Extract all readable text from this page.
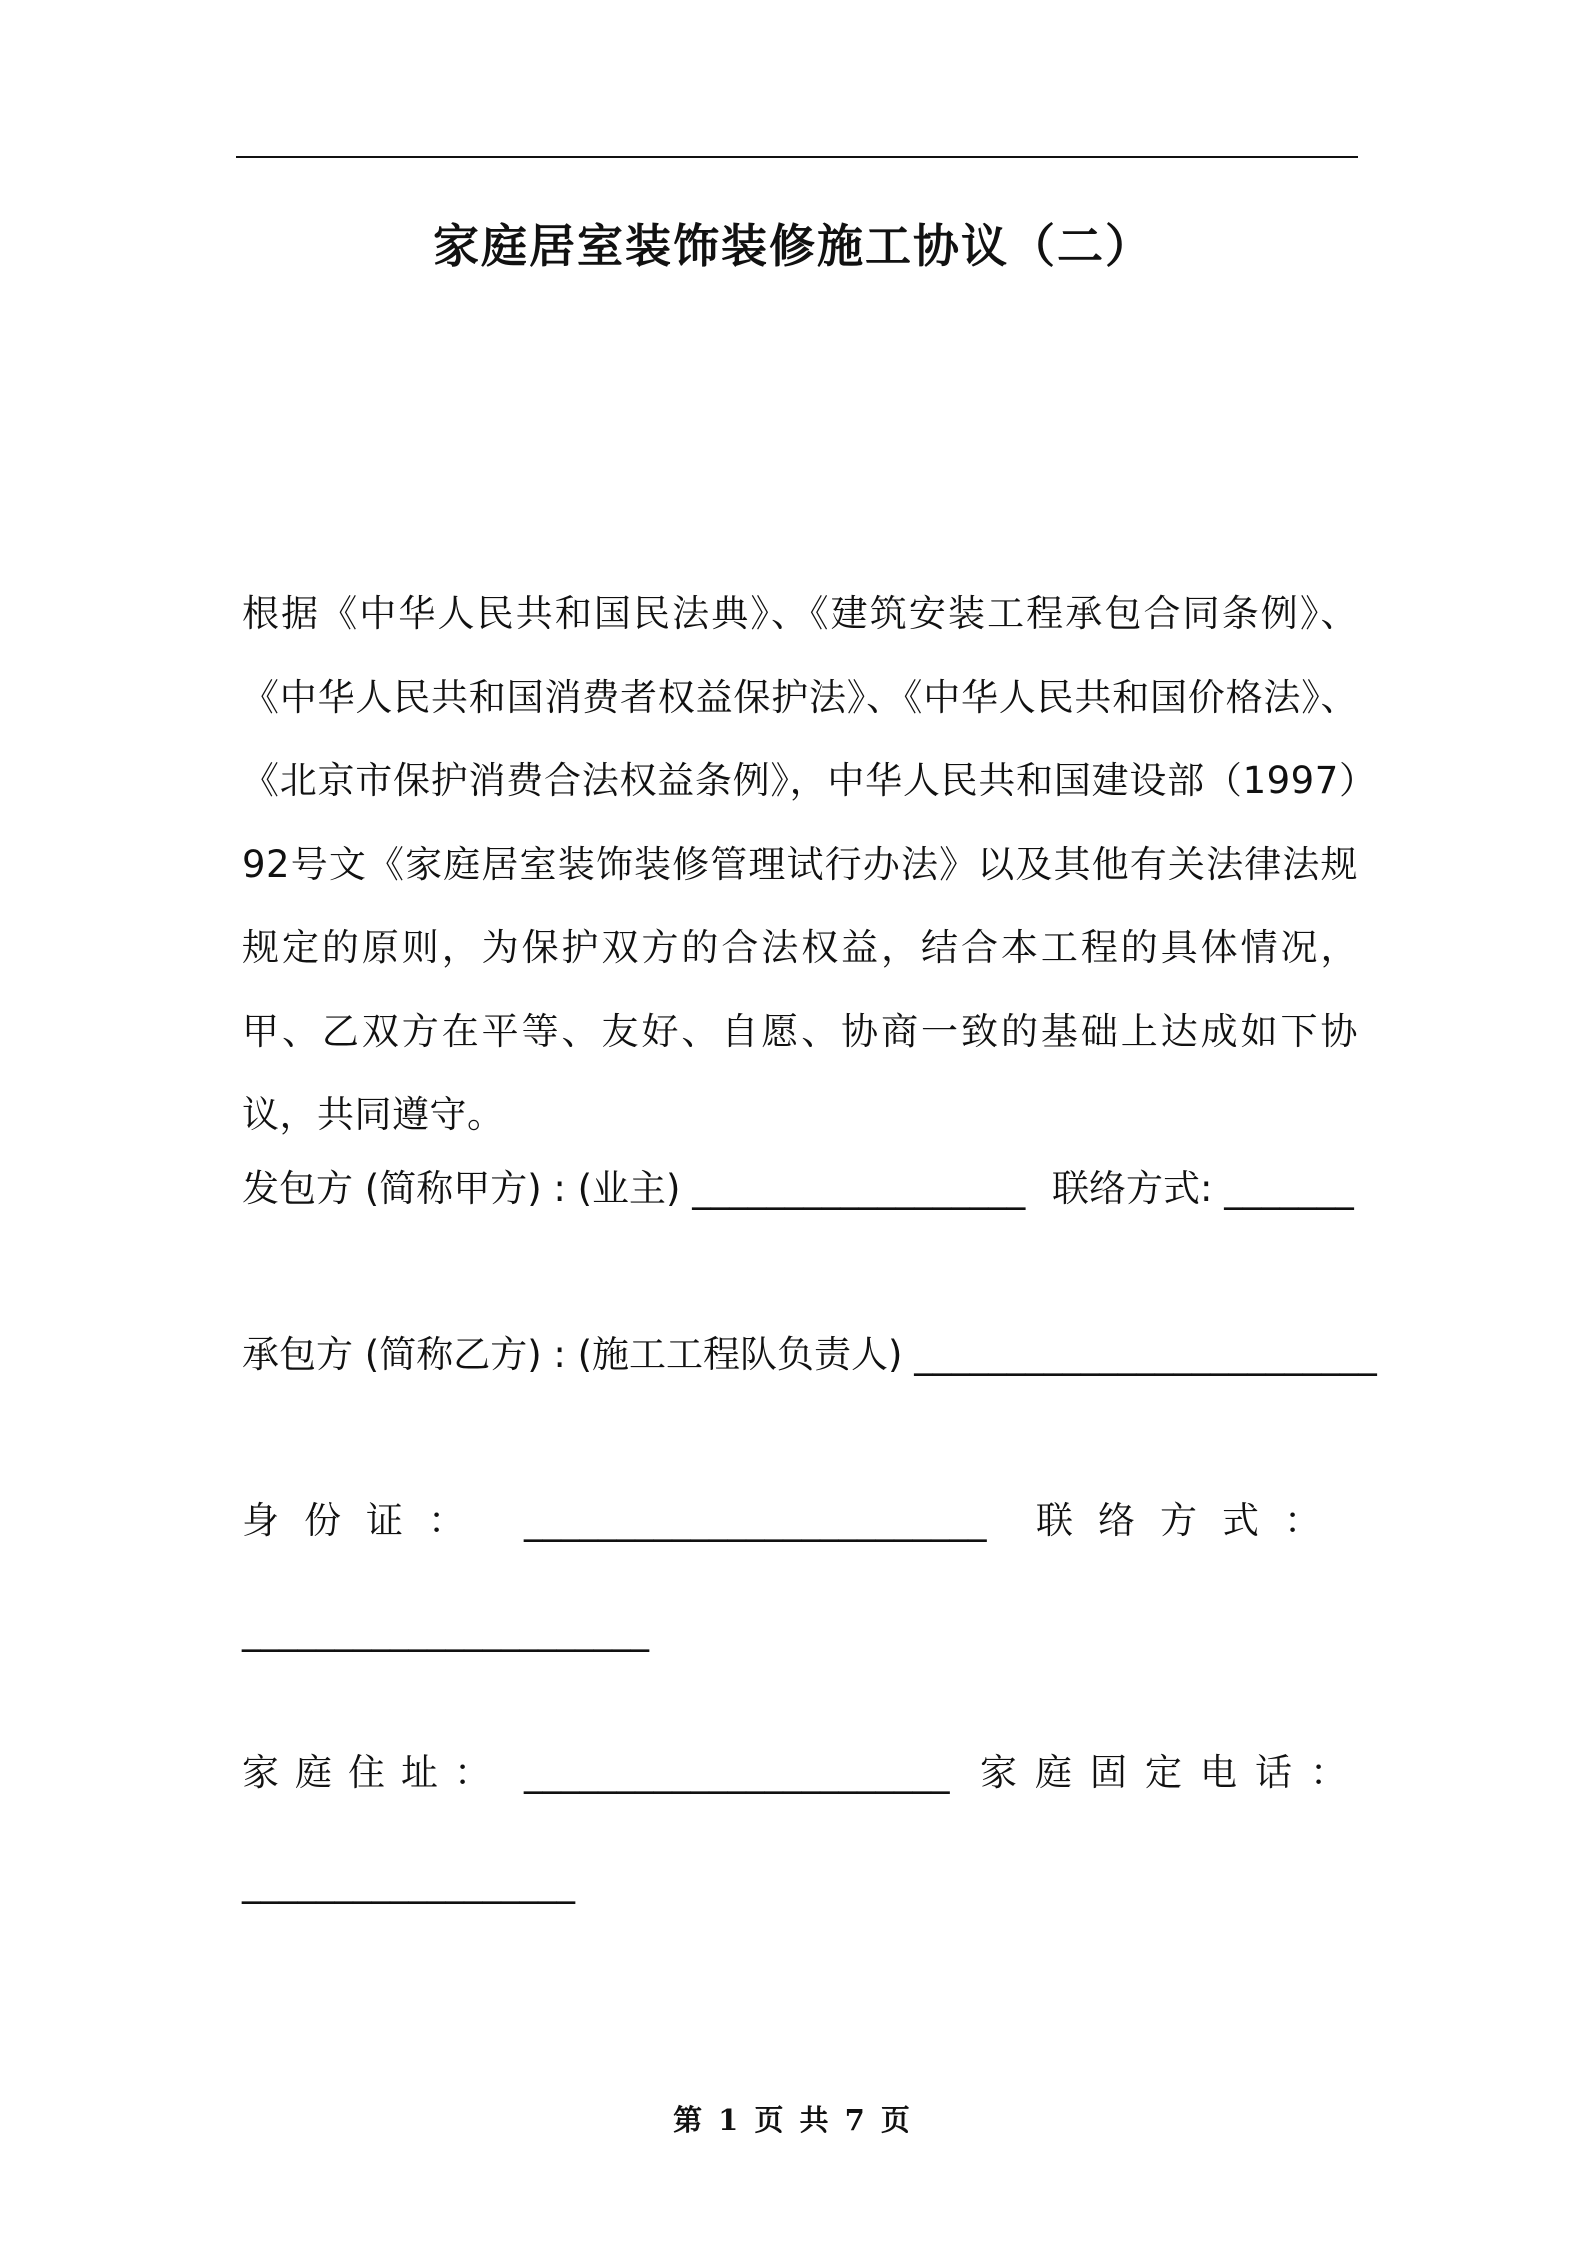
家庭居室装饰装修施工协议（二）
根据《中华人民共和国民法典》、《建筑安装工程承包合同条例》、《中华人民共和国消费者权益保护法》、《中华人民共和国价格法》、《北京市保护消费合法权益条例》，中华人民共和国建设部（1997）92号文《家庭居室装饰装修管理试行办法》以及其他有关法律法规规定的原则，为保护双方的合法权益，结合本工程的具体情况，甲、乙双方在平等、友好、自愿、协商一致的基础上达成如下协议，共同遵守。
发包方 (简称甲方) : (业主) __________________ 联络方式: _______
承包方 (简称乙方) : (施工工程队负责人) _________________________
身份证： _________________________ 联络方式：
______________________
家庭住址： _______________________ 家庭固定电话：
__________________
第 1 页 共 7 页
